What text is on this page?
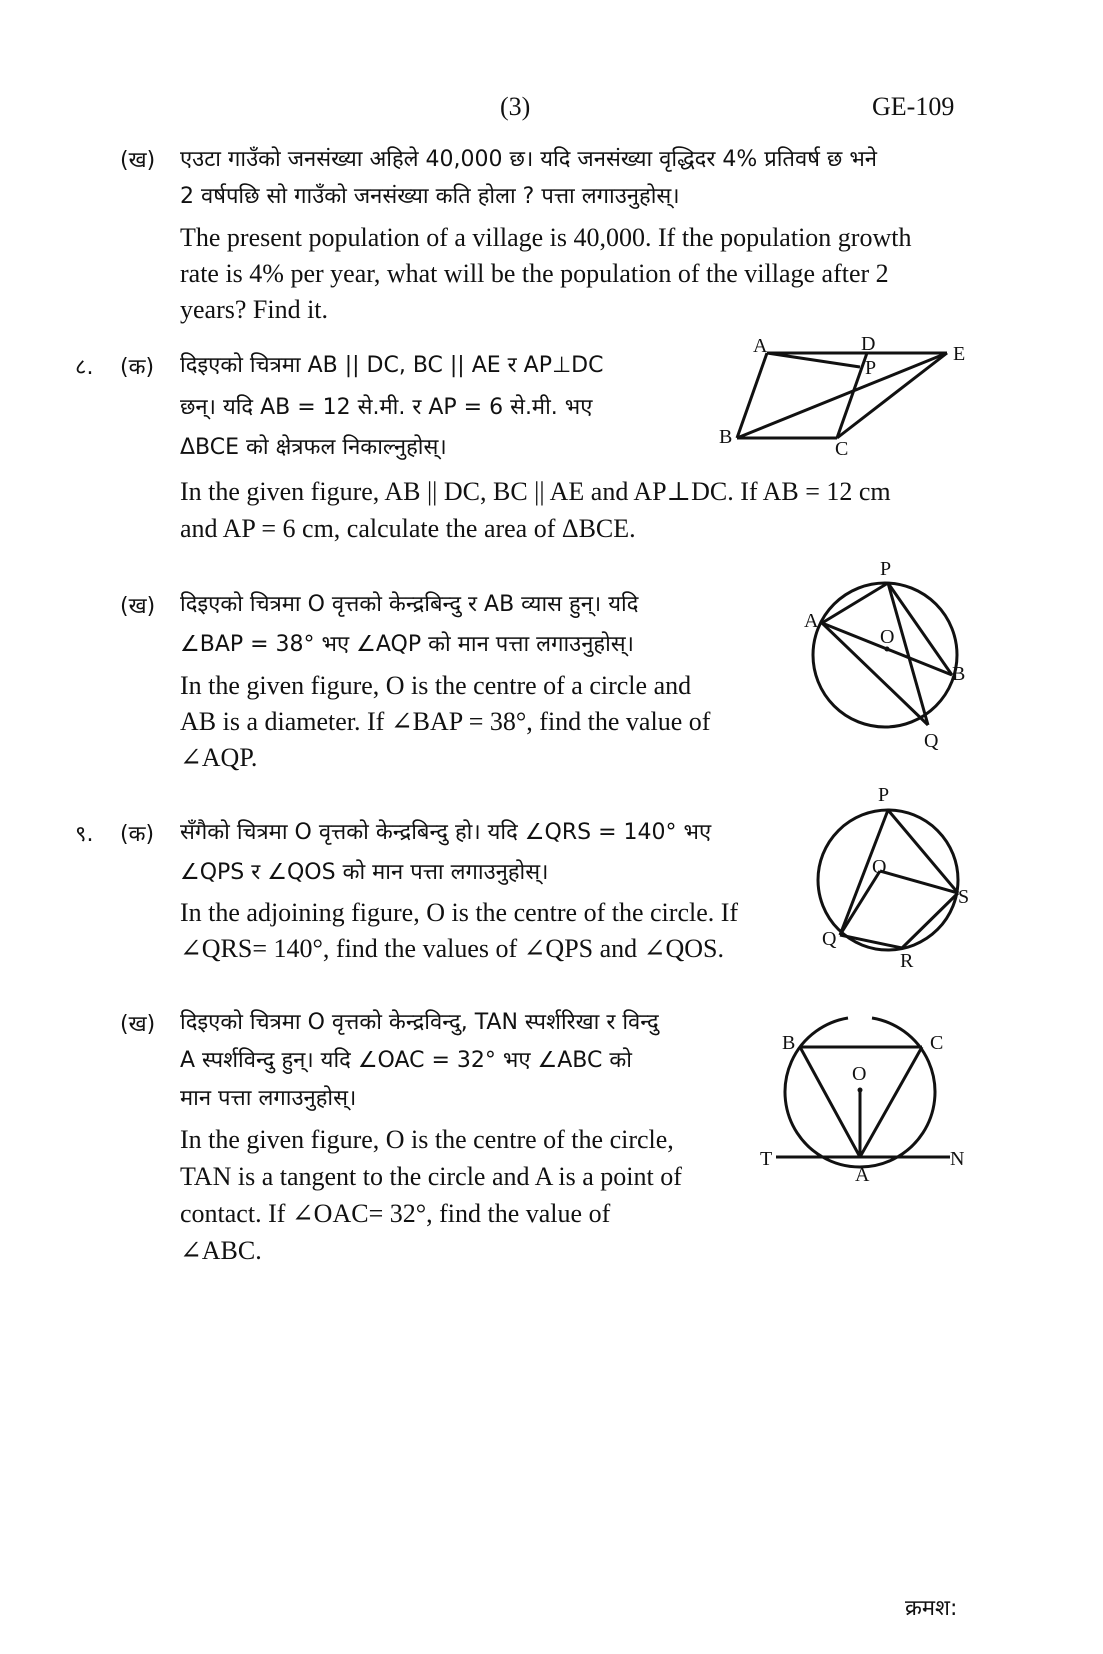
(3)	GE-109
(ख) एउटा गाउँको जनसंख्या अहिले 40,000 छ। यदि जनसंख्या वृद्धिदर 4% प्रतिवर्ष छ भने
2 वर्षपछि सो गाउँको जनसंख्या कति होला ? पत्ता लगाउनुहोस्।
The present population of a village is 40,000. If the population growth
rate is 4% per year, what will be the population of the village after 2
years? Find it.
८. (क) दिइएको चित्रमा AB || DC, BC || AE र AP⊥DC
छन्। यदि AB = 12 से.मी. र AP = 6 से.मी. भए
ΔBCE को क्षेत्रफल निकाल्नुहोस्।
In the given figure, AB || DC, BC || AE and AP⊥DC. If AB = 12 cm
and AP = 6 cm, calculate the area of ΔBCE.
A	D	E
P
B
C
(ख) दिइएको चित्रमा O वृत्तको केन्द्रबिन्दु र AB व्यास हुन्। यदि
∠BAP = 38° भए ∠AQP को मान पत्ता लगाउनुहोस्।
In the given figure, O is the centre of a circle and
AB is a diameter. If ∠BAP = 38°, find the value of
∠AQP.
P
A
O
B
Q
९. (क) सँगैको चित्रमा O वृत्तको केन्द्रबिन्दु हो। यदि ∠QRS = 140° भए
∠QPS र ∠QOS को मान पत्ता लगाउनुहोस्।
In the adjoining figure, O is the centre of the circle. If
∠QRS= 140°, find the values of ∠QPS and ∠QOS.
P
O
S
Q
R
(ख) दिइएको चित्रमा O वृत्तको केन्द्रविन्दु, TAN स्पर्शरिखा र विन्दु
A स्पर्शविन्दु हुन्। यदि ∠OAC = 32° भए ∠ABC को
मान पत्ता लगाउनुहोस्।
In the given figure, O is the centre of the circle,
TAN is a tangent to the circle and A is a point of
contact. If ∠OAC= 32°, find the value of
∠ABC.
B	C
O
T
A
N
क्रमश:
